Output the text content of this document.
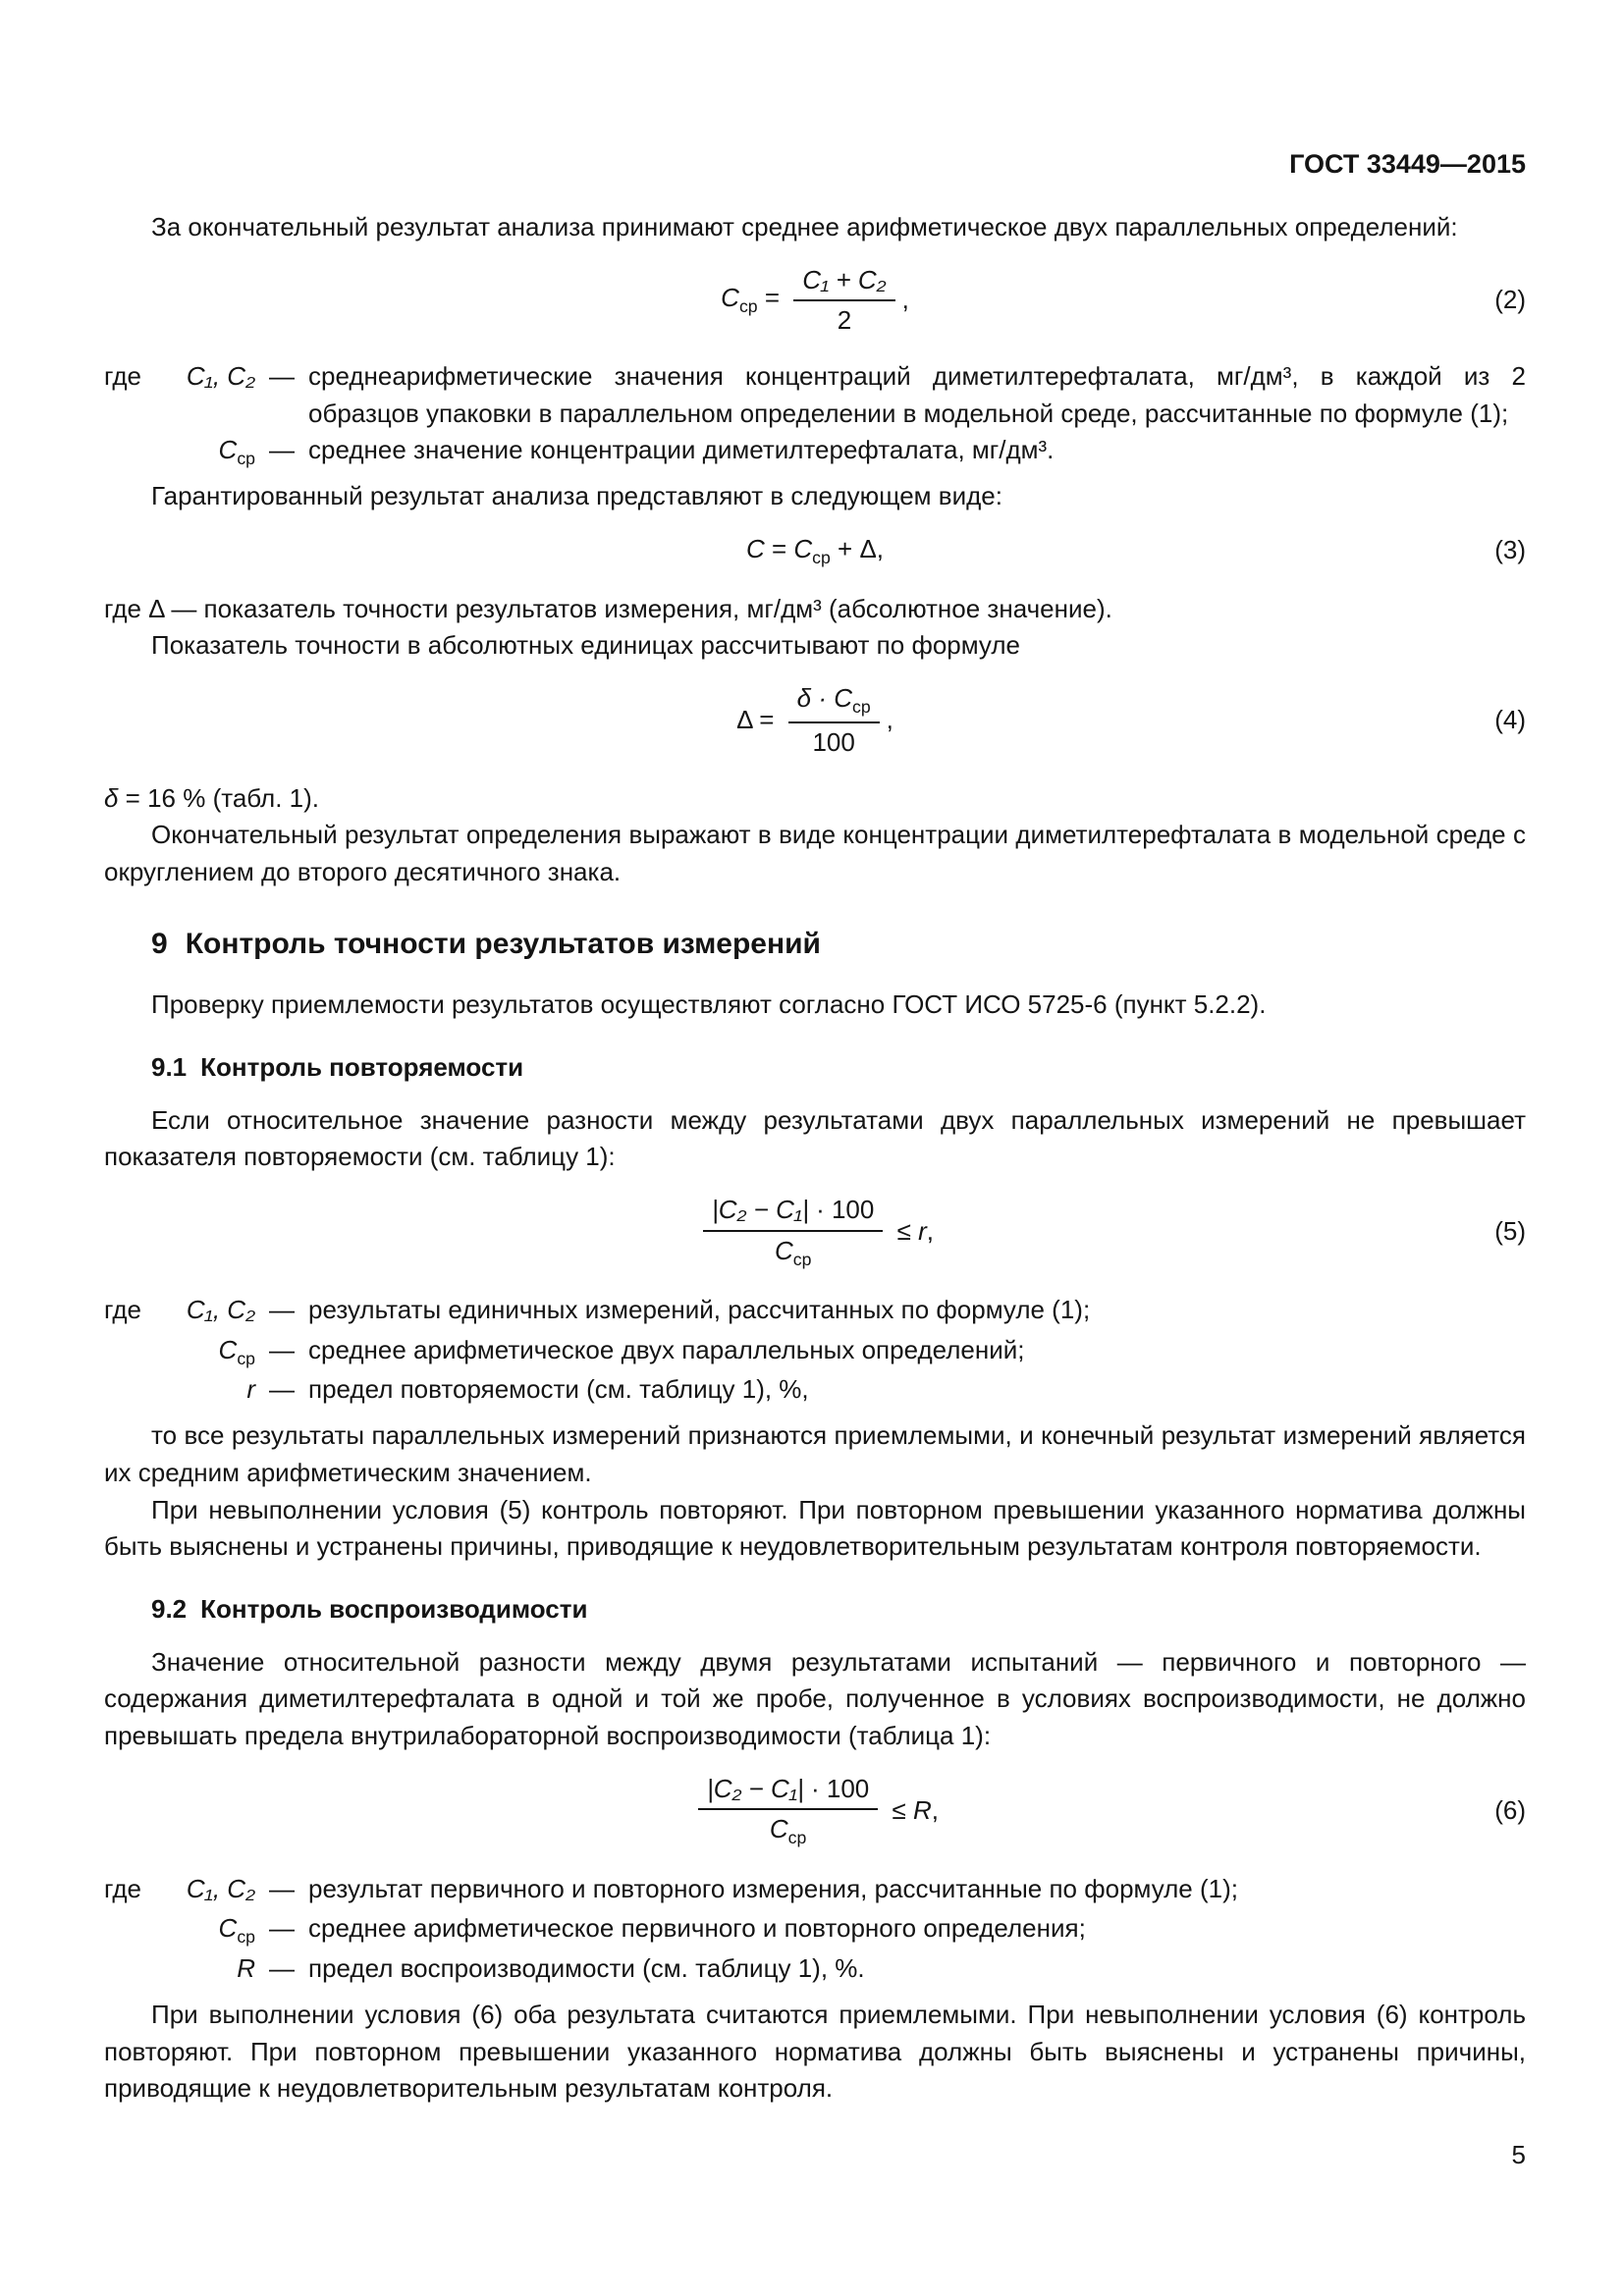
ГОСТ 33449—2015

За окончательный результат анализа принимают среднее арифметическое двух параллельных определений:

$C_{ср} = \frac{\text{C₁ + C₂}}{2}$ ,	(2)
где	C₁, C₂ — среднеарифметические значения концентраций диметилтерефталата, мг/дм³, в каждой из 2 образцов упаковки в параллельном определении в модельной среде, рассчитанные по формуле (1);
$C_{ср}$ — среднее значение концентрации диметилтерефталата, мг/дм³.

Гарантированный результат анализа представляют в следующем виде:

$C = C_{ср} + \Delta$,	(3)

где Δ — показатель точности результатов измерения, мг/дм³ (абсолютное значение).

Показатель точности в абсолютных единицах рассчитывают по формуле

$\Delta = \frac{\delta \cdot C_{ср}}{100}$ ,	(4)

δ = 16 % (табл. 1).

Окончательный результат определения выражают в виде концентрации диметилтерефталата в модельной среде с округлением до второго десятичного знака.

9 Контроль точности результатов измерений

Проверку приемлемости результатов осуществляют согласно ГОСТ ИСО 5725-6 (пункт 5.2.2).

9.1 Контроль повторяемости

Если относительное значение разности между результатами двух параллельных измерений не превышает показателя повторяемости (см. таблицу 1):

$\frac{\text{|C₂ − C₁| · 100}}{C_{ср}} \le r$,	(5)
где	C₁, C₂ — результаты единичных измерений, рассчитанных по формуле (1);
$C_{ср}$ — среднее арифметическое двух параллельных определений;
r — предел повторяемости (см. таблицу 1), %,

то все результаты параллельных измерений признаются приемлемыми, и конечный результат измерений является их средним арифметическим значением.

При невыполнении условия (5) контроль повторяют. При повторном превышении указанного норматива должны быть выяснены и устранены причины, приводящие к неудовлетворительным результатам контроля повторяемости.

9.2 Контроль воспроизводимости

Значение относительной разности между двумя результатами испытаний — первичного и повторного — содержания диметилтерефталата в одной и той же пробе, полученное в условиях воспроизводимости, не должно превышать предела внутрилабораторной воспроизводимости (таблица 1):

$\frac{\text{|C₂ − C₁| · 100}}{C_{ср}} \le R$,	(6)
где	C₁, C₂ — результат первичного и повторного измерения, рассчитанные по формуле (1);
$C_{ср}$ — среднее арифметическое первичного и повторного определения;
R — предел воспроизводимости (см. таблицу 1), %.

При выполнении условия (6) оба результата считаются приемлемыми. При невыполнении условия (6) контроль повторяют. При повторном превышении указанного норматива должны быть выяснены и устранены причины, приводящие к неудовлетворительным результатам контроля.

5
